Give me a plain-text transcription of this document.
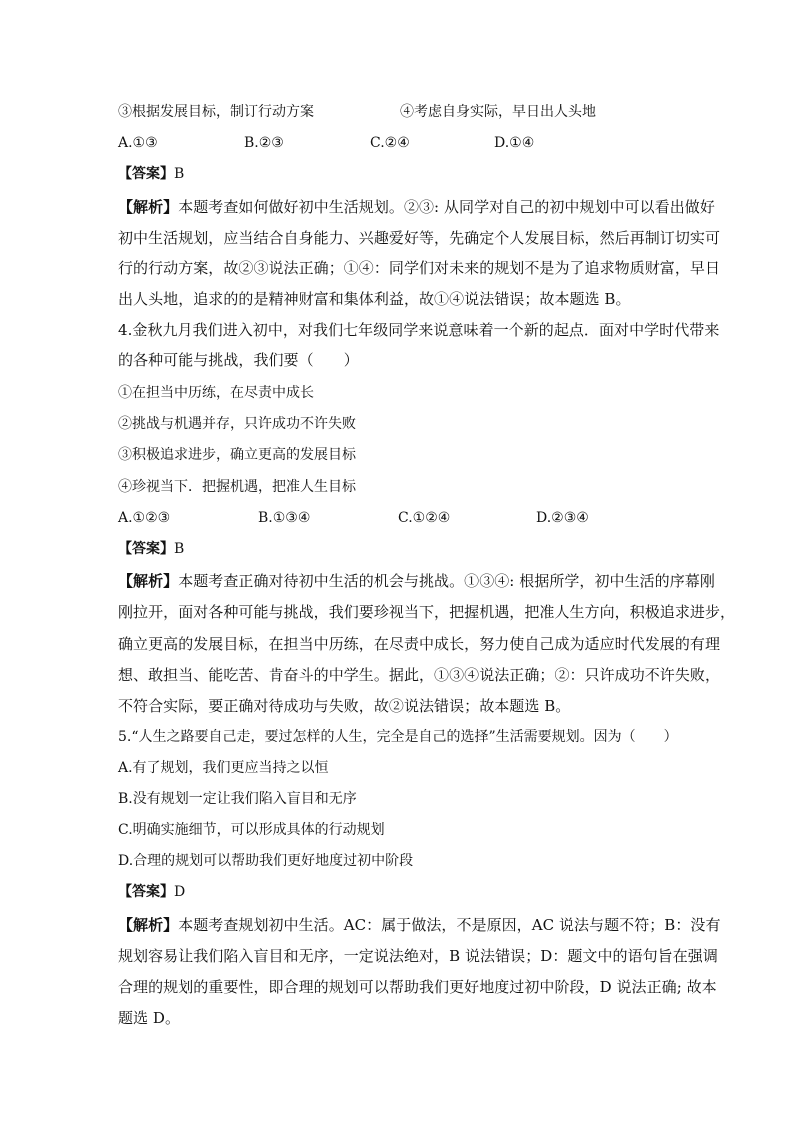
③根据发展目标，制订行动方案	④考虑自身实际，早日出人头地
A.①③	B.②③	C.②④	D.①④
【答案】B
【解析】本题考查如何做好初中生活规划。②③: 从同学对自己的初中规划中可以看出做好
初中生活规划，应当结合自身能力、兴趣爱好等，先确定个人发展目标，然后再制订切实可
行的行动方案，故②③说法正确；①④：同学们对未来的规划不是为了追求物质财富，早日
出人头地，追求的的是精神财富和集体利益，故①④说法错误；故本题选 B。
4.金秋九月我们进入初中，对我们七年级同学来说意味着一个新的起点．面对中学时代带来
的各种可能与挑战，我们要（　　）
①在担当中历练，在尽责中成长
②挑战与机遇并存，只许成功不许失败
③积极追求进步，确立更高的发展目标
④珍视当下．把握机遇，把准人生目标
A.①②③	B.①③④	C.①②④	D.②③④
【答案】B
【解析】本题考查正确对待初中生活的机会与挑战。①③④: 根据所学，初中生活的序幕刚
刚拉开，面对各种可能与挑战，我们要珍视当下，把握机遇，把准人生方向，积极追求进步，
确立更高的发展目标，在担当中历练，在尽责中成长，努力使自己成为适应时代发展的有理
想、敢担当、能吃苦、肯奋斗的中学生。据此，①③④说法正确；②：只许成功不许失败，
不符合实际，要正确对待成功与失败，故②说法错误；故本题选 B。
5.“人生之路要自己走，要过怎样的人生，完全是自己的选择”生活需要规划。因为（　　）
A.有了规划，我们更应当持之以恒
B.没有规划一定让我们陷入盲目和无序
C.明确实施细节，可以形成具体的行动规划
D.合理的规划可以帮助我们更好地度过初中阶段
【答案】D
【解析】本题考查规划初中生活。AC：属于做法，不是原因，AC 说法与题不符；B：没有
规划容易让我们陷入盲目和无序，一定说法绝对，B 说法错误；D：题文中的语句旨在强调
合理的规划的重要性，即合理的规划可以帮助我们更好地度过初中阶段，D 说法正确; 故本
题选 D。
